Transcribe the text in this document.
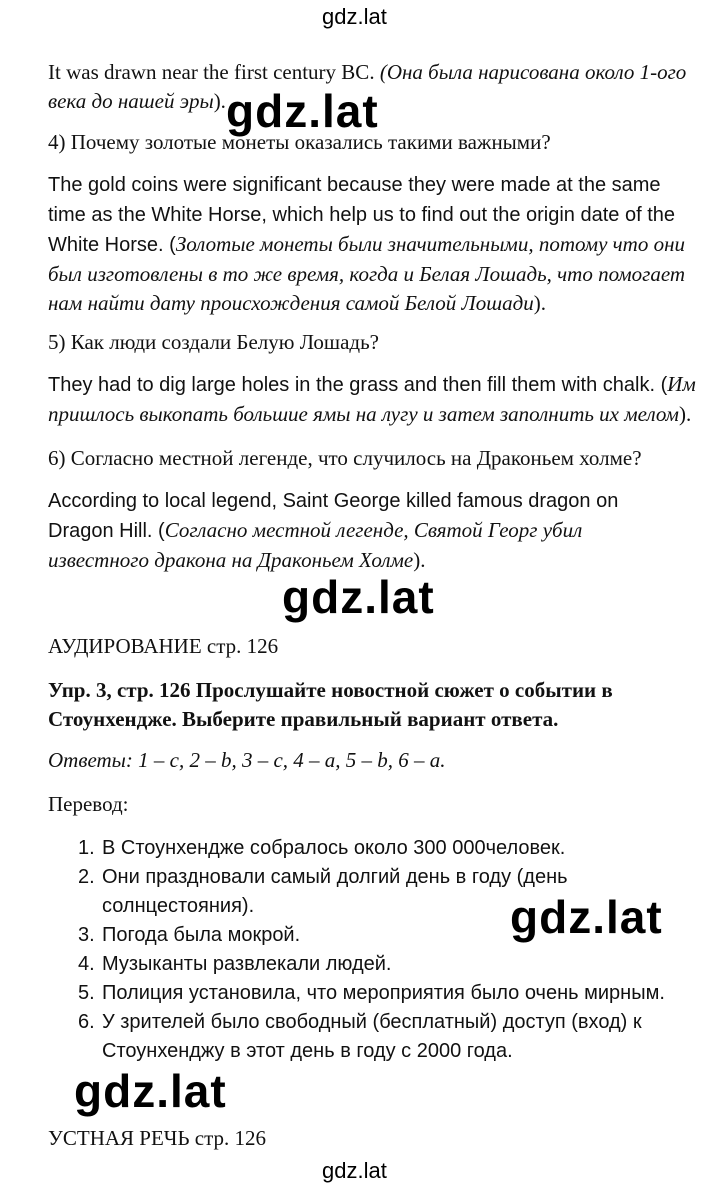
gdz.lat

It was drawn near the first century BC. (Она была нарисована около 1-ого века до нашей эры). gdz.lat

4) Почему золотые монеты оказались такими важными?

The gold coins were significant because they were made at the same time as the White Horse, which help us to find out the origin date of the White Horse. (Золотые монеты были значительными, потому что они был изготовлены в то же время, когда и Белая Лошадь, что помогает нам найти дату происхождения самой Белой Лошади).

5) Как люди создали Белую Лошадь?

They had to dig large holes in the grass and then fill them with chalk. (Им пришлось выкопать большие ямы на лугу и затем заполнить их мелом).

6) Согласно местной легенде, что случилось на Драконьем холме?

According to local legend, Saint George killed famous dragon on Dragon Hill. (Согласно местной легенде, Святой Георг убил известного дракона на Драконьем Холме).

gdz.lat

АУДИРОВАНИЕ стр. 126

Упр. 3, стр. 126 Прослушайте новостной сюжет о событии в Стоунхендже. Выберите правильный вариант ответа.

Ответы: 1 – c, 2 – b, 3 – c, 4 – a, 5 – b, 6 – a.

Перевод:

1. В Стоунхендже собралось около 300 000человек.
2. Они праздновали самый долгий день в году (день солнцестояния).
3. Погода была мокрой.
4. Музыканты развлекали людей.
5. Полиция установила, что мероприятия было очень мирным.
6. У зрителей было свободный (бесплатный) доступ (вход) к Стоунхенджу в этот день в году с 2000 года.
gdz.lat
gdz.lat

УСТНАЯ РЕЧЬ стр. 126

gdz.lat
